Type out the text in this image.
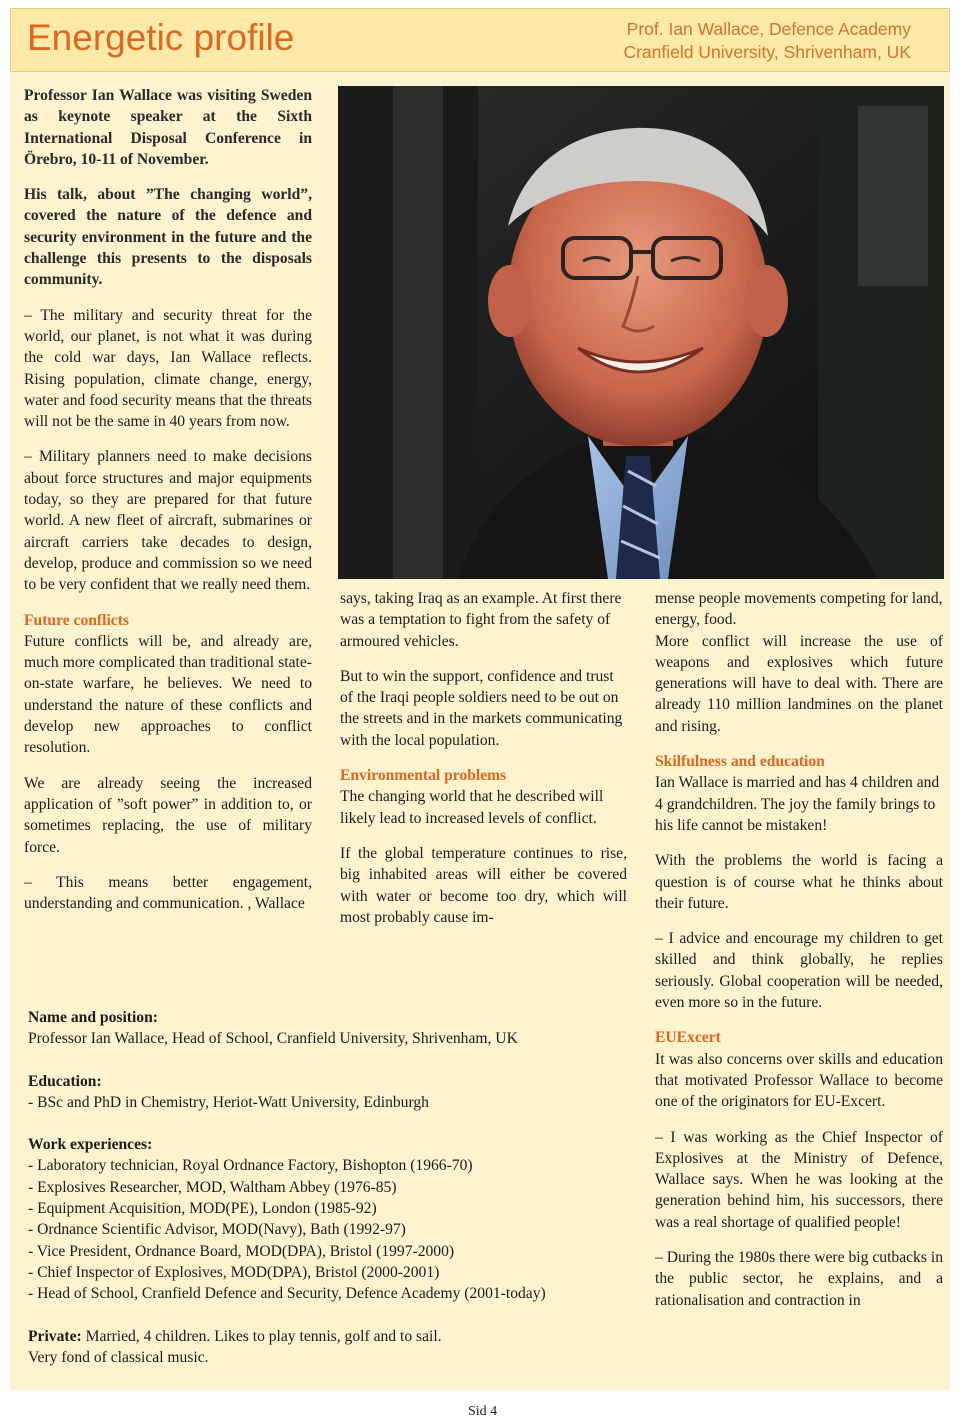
Energetic profile	Prof. Ian Wallace, Defence Academy
Cranfield University, Shrivenham, UK

Professor Ian Wallace was visiting Sweden as keynote speaker at the Sixth International Disposal Conference in Örebro, 10-11 of November.

His talk, about ”The changing world”, covered the nature of the defence and security environment in the future and the challenge this presents to the disposals community.

– The military and security threat for the world, our planet, is not what it was during the cold war days, Ian Wallace reflects. Rising population, climate change, energy, water and food security means that the threats will not be the same in 40 years from now.

– Military planners need to make decisions about force structures and major equipments today, so they are prepared for that future world. A new fleet of aircraft, submarines or aircraft carriers take decades to design, develop, produce and commission so we need to be very confident that we really need them.

Future conflicts

Future conflicts will be, and already are, much more complicated than traditional state-on-state warfare, he believes. We need to understand the nature of these conflicts and develop new approaches to conflict resolution.

We are already seeing the increased application of ”soft power” in addition to, or sometimes replacing, the use of military force.

– This means better engagement, understanding and communication. , Wallace

says, taking Iraq as an example. At first there was a temptation to fight from the safety of armoured vehicles.

But to win the support, confidence and trust of the Iraqi people soldiers need to be out on the streets and in the markets communicating with the local population.

Environmental problems

The changing world that he described will likely lead to increased levels of conflict.

If the global temperature continues to rise, big inhabited areas will either be covered with water or become too dry, which will most probably cause im-

mense people movements competing for land, energy, food.

More conflict will increase the use of weapons and explosives which future generations will have to deal with. There are already 110 million landmines on the planet and rising.

Skilfulness and education

Ian Wallace is married and has 4 children and 4 grandchildren. The joy the family brings to his life cannot be mistaken!

With the problems the world is facing a question is of course what he thinks about their future.

– I advice and encourage my children to get skilled and think globally, he replies seriously. Global cooperation will be needed, even more so in the future.

EUExcert

It was also concerns over skills and education that motivated Professor Wallace to become one of the originators for EU-Excert.

– I was working as the Chief Inspector of Explosives at the Ministry of Defence, Wallace says. When he was looking at the generation behind him, his successors, there was a real shortage of qualified people!

– During the 1980s there were big cutbacks in the public sector, he explains, and a rationalisation and contraction in

Name and position:
Professor Ian Wallace, Head of School, Cranfield University, Shrivenham, UK
Education:
- BSc and PhD in Chemistry, Heriot-Watt University, Edinburgh
Work experiences:
- Laboratory technician, Royal Ordnance Factory, Bishopton (1966-70)
- Explosives Researcher, MOD, Waltham Abbey (1976-85)
- Equipment Acquisition, MOD(PE), London (1985-92)
- Ordnance Scientific Advisor, MOD(Navy), Bath (1992-97)
- Vice President, Ordnance Board, MOD(DPA), Bristol (1997-2000)
- Chief Inspector of Explosives, MOD(DPA), Bristol (2000-2001)
- Head of School, Cranfield Defence and Security, Defence Academy (2001-today)
Private: Married, 4 children. Likes to play tennis, golf and to sail.
Very fond of classical music.
Sid 4
